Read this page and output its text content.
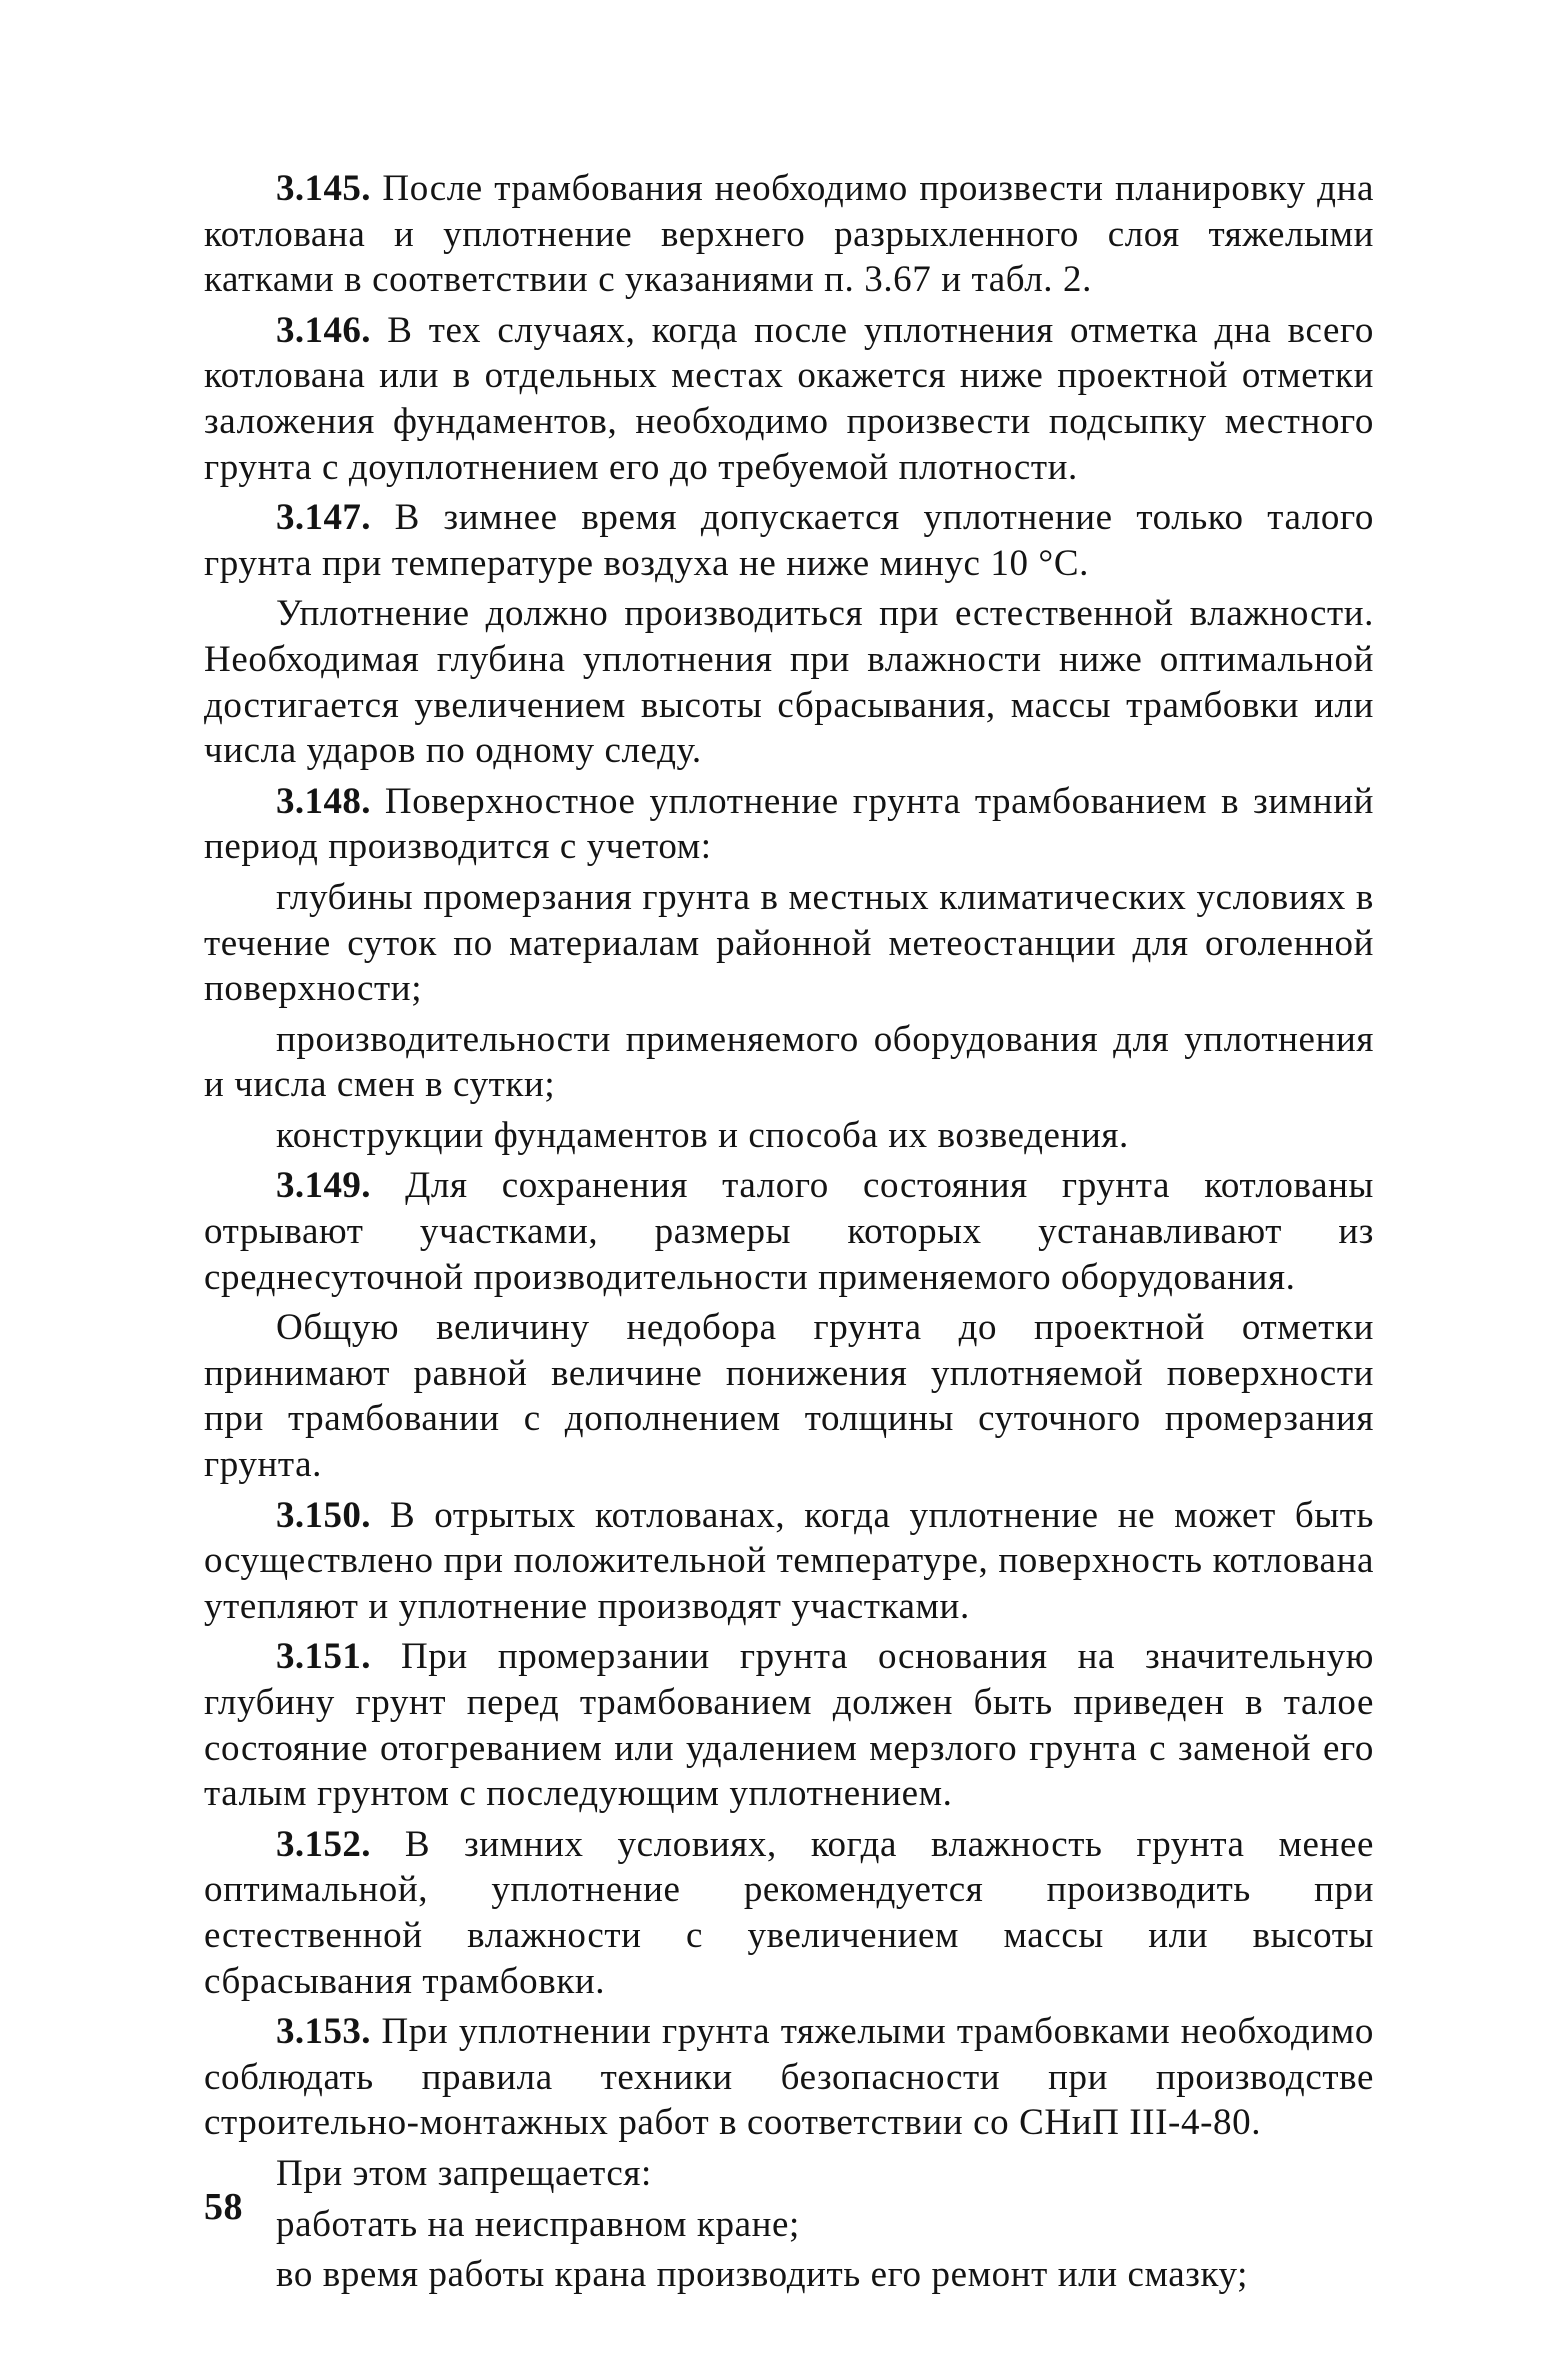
3.145. После трамбования необходимо произвести планировку дна котлована и уплотнение верхнего разрыхленного слоя тяжелыми катками в соответствии с указаниями п. 3.67 и табл. 2.

3.146. В тех случаях, когда после уплотнения отметка дна всего котлована или в отдельных местах окажется ниже проектной отметки заложения фундаментов, необходимо произвести подсыпку местного грунта с доуплотнением его до требуемой плотности.

3.147. В зимнее время допускается уплотнение только талого грунта при температуре воздуха не ниже минус 10 °С.

Уплотнение должно производиться при естественной влажности. Необходимая глубина уплотнения при влажности ниже оптимальной достигается увеличением высоты сбрасывания, массы трамбовки или числа ударов по одному следу.

3.148. Поверхностное уплотнение грунта трамбованием в зимний период производится с учетом:

глубины промерзания грунта в местных климатических условиях в течение суток по материалам районной метеостанции для оголенной поверхности;

производительности применяемого оборудования для уплотнения и числа смен в сутки;

конструкции фундаментов и способа их возведения.

3.149. Для сохранения талого состояния грунта котлованы отрывают участками, размеры которых устанавливают из среднесуточной производительности применяемого оборудования.

Общую величину недобора грунта до проектной отметки принимают равной величине понижения уплотняемой поверхности при трамбовании с дополнением толщины суточного промерзания грунта.

3.150. В отрытых котлованах, когда уплотнение не может быть осуществлено при положительной температуре, поверхность котлована утепляют и уплотнение производят участками.

3.151. При промерзании грунта основания на значительную глубину грунт перед трамбованием должен быть приведен в талое состояние отогреванием или удалением мерзлого грунта с заменой его талым грунтом с последующим уплотнением.

3.152. В зимних условиях, когда влажность грунта менее оптимальной, уплотнение рекомендуется производить при естественной влажности с увеличением массы или высоты сбрасывания трамбовки.

3.153. При уплотнении грунта тяжелыми трамбовками необходимо соблюдать правила техники безопасности при производстве строительно-монтажных работ в соответствии со СНиП III-4-80.

При этом запрещается:

работать на неисправном кране;

во время работы крана производить его ремонт или смазку;

58
